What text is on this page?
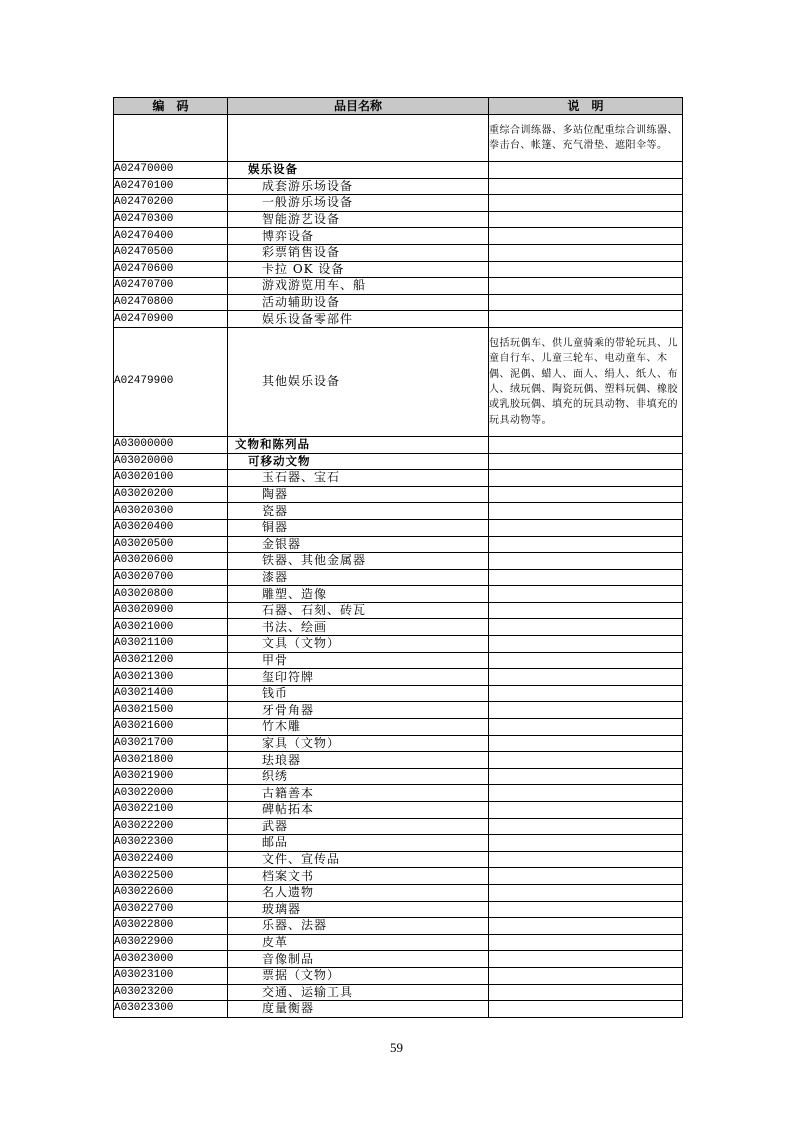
编　码	品目名称	说　明
		重综合训练器、多站位配重综合训练器、拳击台、帐篷、充气滑垫、遮阳伞等。
A02470000	娱乐设备	
A02470100	成套游乐场设备	
A02470200	一般游乐场设备	
A02470300	智能游艺设备	
A02470400	博弈设备	
A02470500	彩票销售设备	
A02470600	卡拉 OK 设备	
A02470700	游戏游览用车、船	
A02470800	活动辅助设备	
A02470900	娱乐设备零部件	
A02479900	其他娱乐设备	包括玩偶车、供儿童骑乘的带轮玩具、儿童自行车、儿童三轮车、电动童车、木偶、泥偶、蜡人、面人、绢人、纸人、布人、绒玩偶、陶瓷玩偶、塑料玩偶、橡胶或乳胶玩偶、填充的玩具动物、非填充的玩具动物等。
A03000000	文物和陈列品	
A03020000	可移动文物	
A03020100	玉石器、宝石	
A03020200	陶器	
A03020300	瓷器	
A03020400	铜器	
A03020500	金银器	
A03020600	铁器、其他金属器	
A03020700	漆器	
A03020800	雕塑、造像	
A03020900	石器、石刻、砖瓦	
A03021000	书法、绘画	
A03021100	文具（文物）	
A03021200	甲骨	
A03021300	玺印符牌	
A03021400	钱币	
A03021500	牙骨角器	
A03021600	竹木雕	
A03021700	家具（文物）	
A03021800	珐琅器	
A03021900	织绣	
A03022000	古籍善本	
A03022100	碑帖拓本	
A03022200	武器	
A03022300	邮品	
A03022400	文件、宣传品	
A03022500	档案文书	
A03022600	名人遗物	
A03022700	玻璃器	
A03022800	乐器、法器	
A03022900	皮革	
A03023000	音像制品	
A03023100	票据（文物）	
A03023200	交通、运输工具	
A03023300	度量衡器	
59
